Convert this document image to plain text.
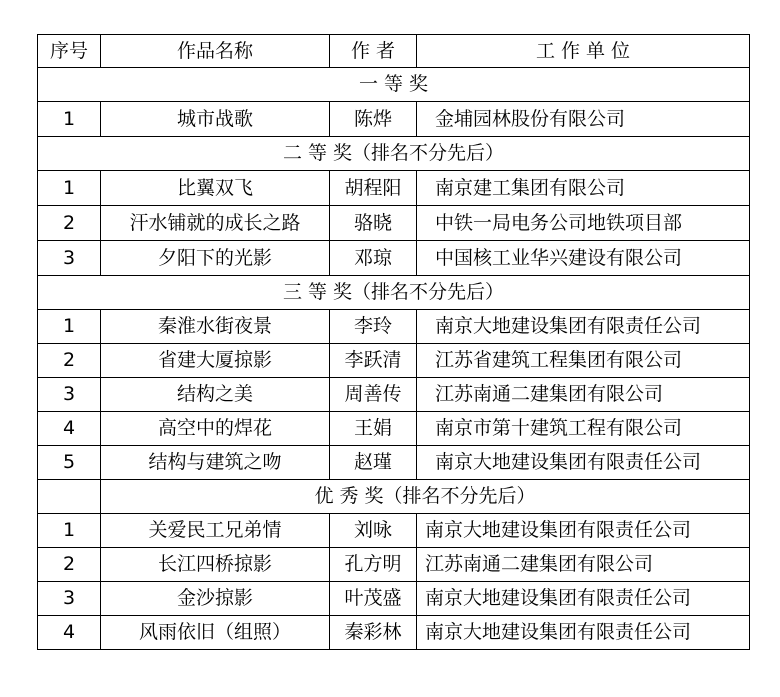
序号	作品名称	作 者	工 作 单 位
一 等 奖			
1	城市战歌	陈烨	金埔园林股份有限公司
二 等 奖（排名不分先后）			
1	比翼双飞	胡程阳	南京建工集团有限公司
2	汗水铺就的成长之路	骆晓	中铁一局电务公司地铁项目部
3	夕阳下的光影	邓琼	中国核工业华兴建设有限公司
三 等 奖（排名不分先后）			
1	秦淮水街夜景	李玲	南京大地建设集团有限责任公司
2	省建大厦掠影	李跃清	江苏省建筑工程集团有限公司
3	结构之美	周善传	江苏南通二建集团有限公司
4	高空中的焊花	王娟	南京市第十建筑工程有限公司
5	结构与建筑之吻	赵瑾	南京大地建设集团有限责任公司
	优 秀 奖（排名不分先后）		
1	关爱民工兄弟情	刘咏	南京大地建设集团有限责任公司
2	长江四桥掠影	孔方明	江苏南通二建集团有限公司
3	金沙掠影	叶茂盛	南京大地建设集团有限责任公司
4	风雨依旧（组照）	秦彩林	南京大地建设集团有限责任公司
